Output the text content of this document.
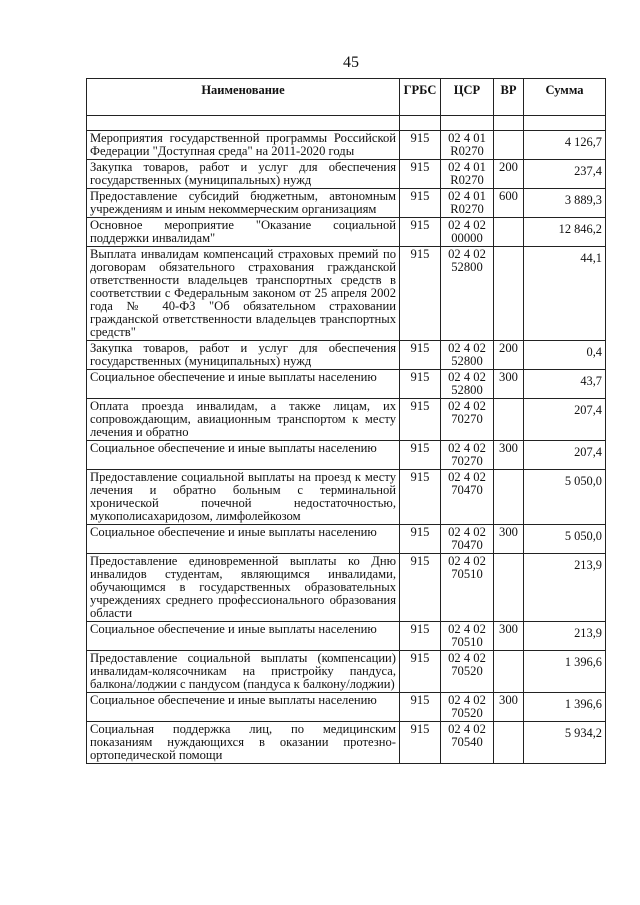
45
Наименование	ГРБС	ЦСР	ВР	Сумма

Мероприятия государственной программы Российской Федерации "Доступная среда" на 2011-2020 годы	915	02 4 01 R0270		4 126,7
Закупка товаров, работ и услуг для обеспечения государственных (муниципальных) нужд	915	02 4 01 R0270	200	237,4
Предоставление субсидий бюджетным, автономным учреждениям и иным некоммерческим организациям	915	02 4 01 R0270	600	3 889,3
Основное мероприятие "Оказание социальной поддержки инвалидам"	915	02 4 02 00000		12 846,2
Выплата инвалидам компенсаций страховых премий по договорам обязательного страхования гражданской ответственности владельцев транспортных средств в соответствии с Федеральным законом от 25 апреля 2002 года № 40-ФЗ "Об обязательном страховании гражданской ответственности владельцев транспортных средств"	915	02 4 02 52800		44,1
Закупка товаров, работ и услуг для обеспечения государственных (муниципальных) нужд	915	02 4 02 52800	200	0,4
Социальное обеспечение и иные выплаты населению	915	02 4 02 52800	300	43,7
Оплата проезда инвалидам, а также лицам, их сопровождающим, авиационным транспортом к месту лечения и обратно	915	02 4 02 70270		207,4
Социальное обеспечение и иные выплаты населению	915	02 4 02 70270	300	207,4
Предоставление социальной выплаты на проезд к месту лечения и обратно больным с терминальной хронической почечной недостаточностью, мукополисахаридозом, лимфолейкозом	915	02 4 02 70470		5 050,0
Социальное обеспечение и иные выплаты населению	915	02 4 02 70470	300	5 050,0
Предоставление единовременной выплаты ко Дню инвалидов студентам, являющимся инвалидами, обучающимся в государственных образовательных учреждениях среднего профессионального образования области	915	02 4 02 70510		213,9
Социальное обеспечение и иные выплаты населению	915	02 4 02 70510	300	213,9
Предоставление социальной выплаты (компенсации) инвалидам-колясочникам на пристройку пандуса, балкона/лоджии с пандусом (пандуса к балкону/лоджии)	915	02 4 02 70520		1 396,6
Социальное обеспечение и иные выплаты населению	915	02 4 02 70520	300	1 396,6
Социальная поддержка лиц, по медицинским показаниям нуждающихся в оказании протезно-ортопедической помощи	915	02 4 02 70540		5 934,2
